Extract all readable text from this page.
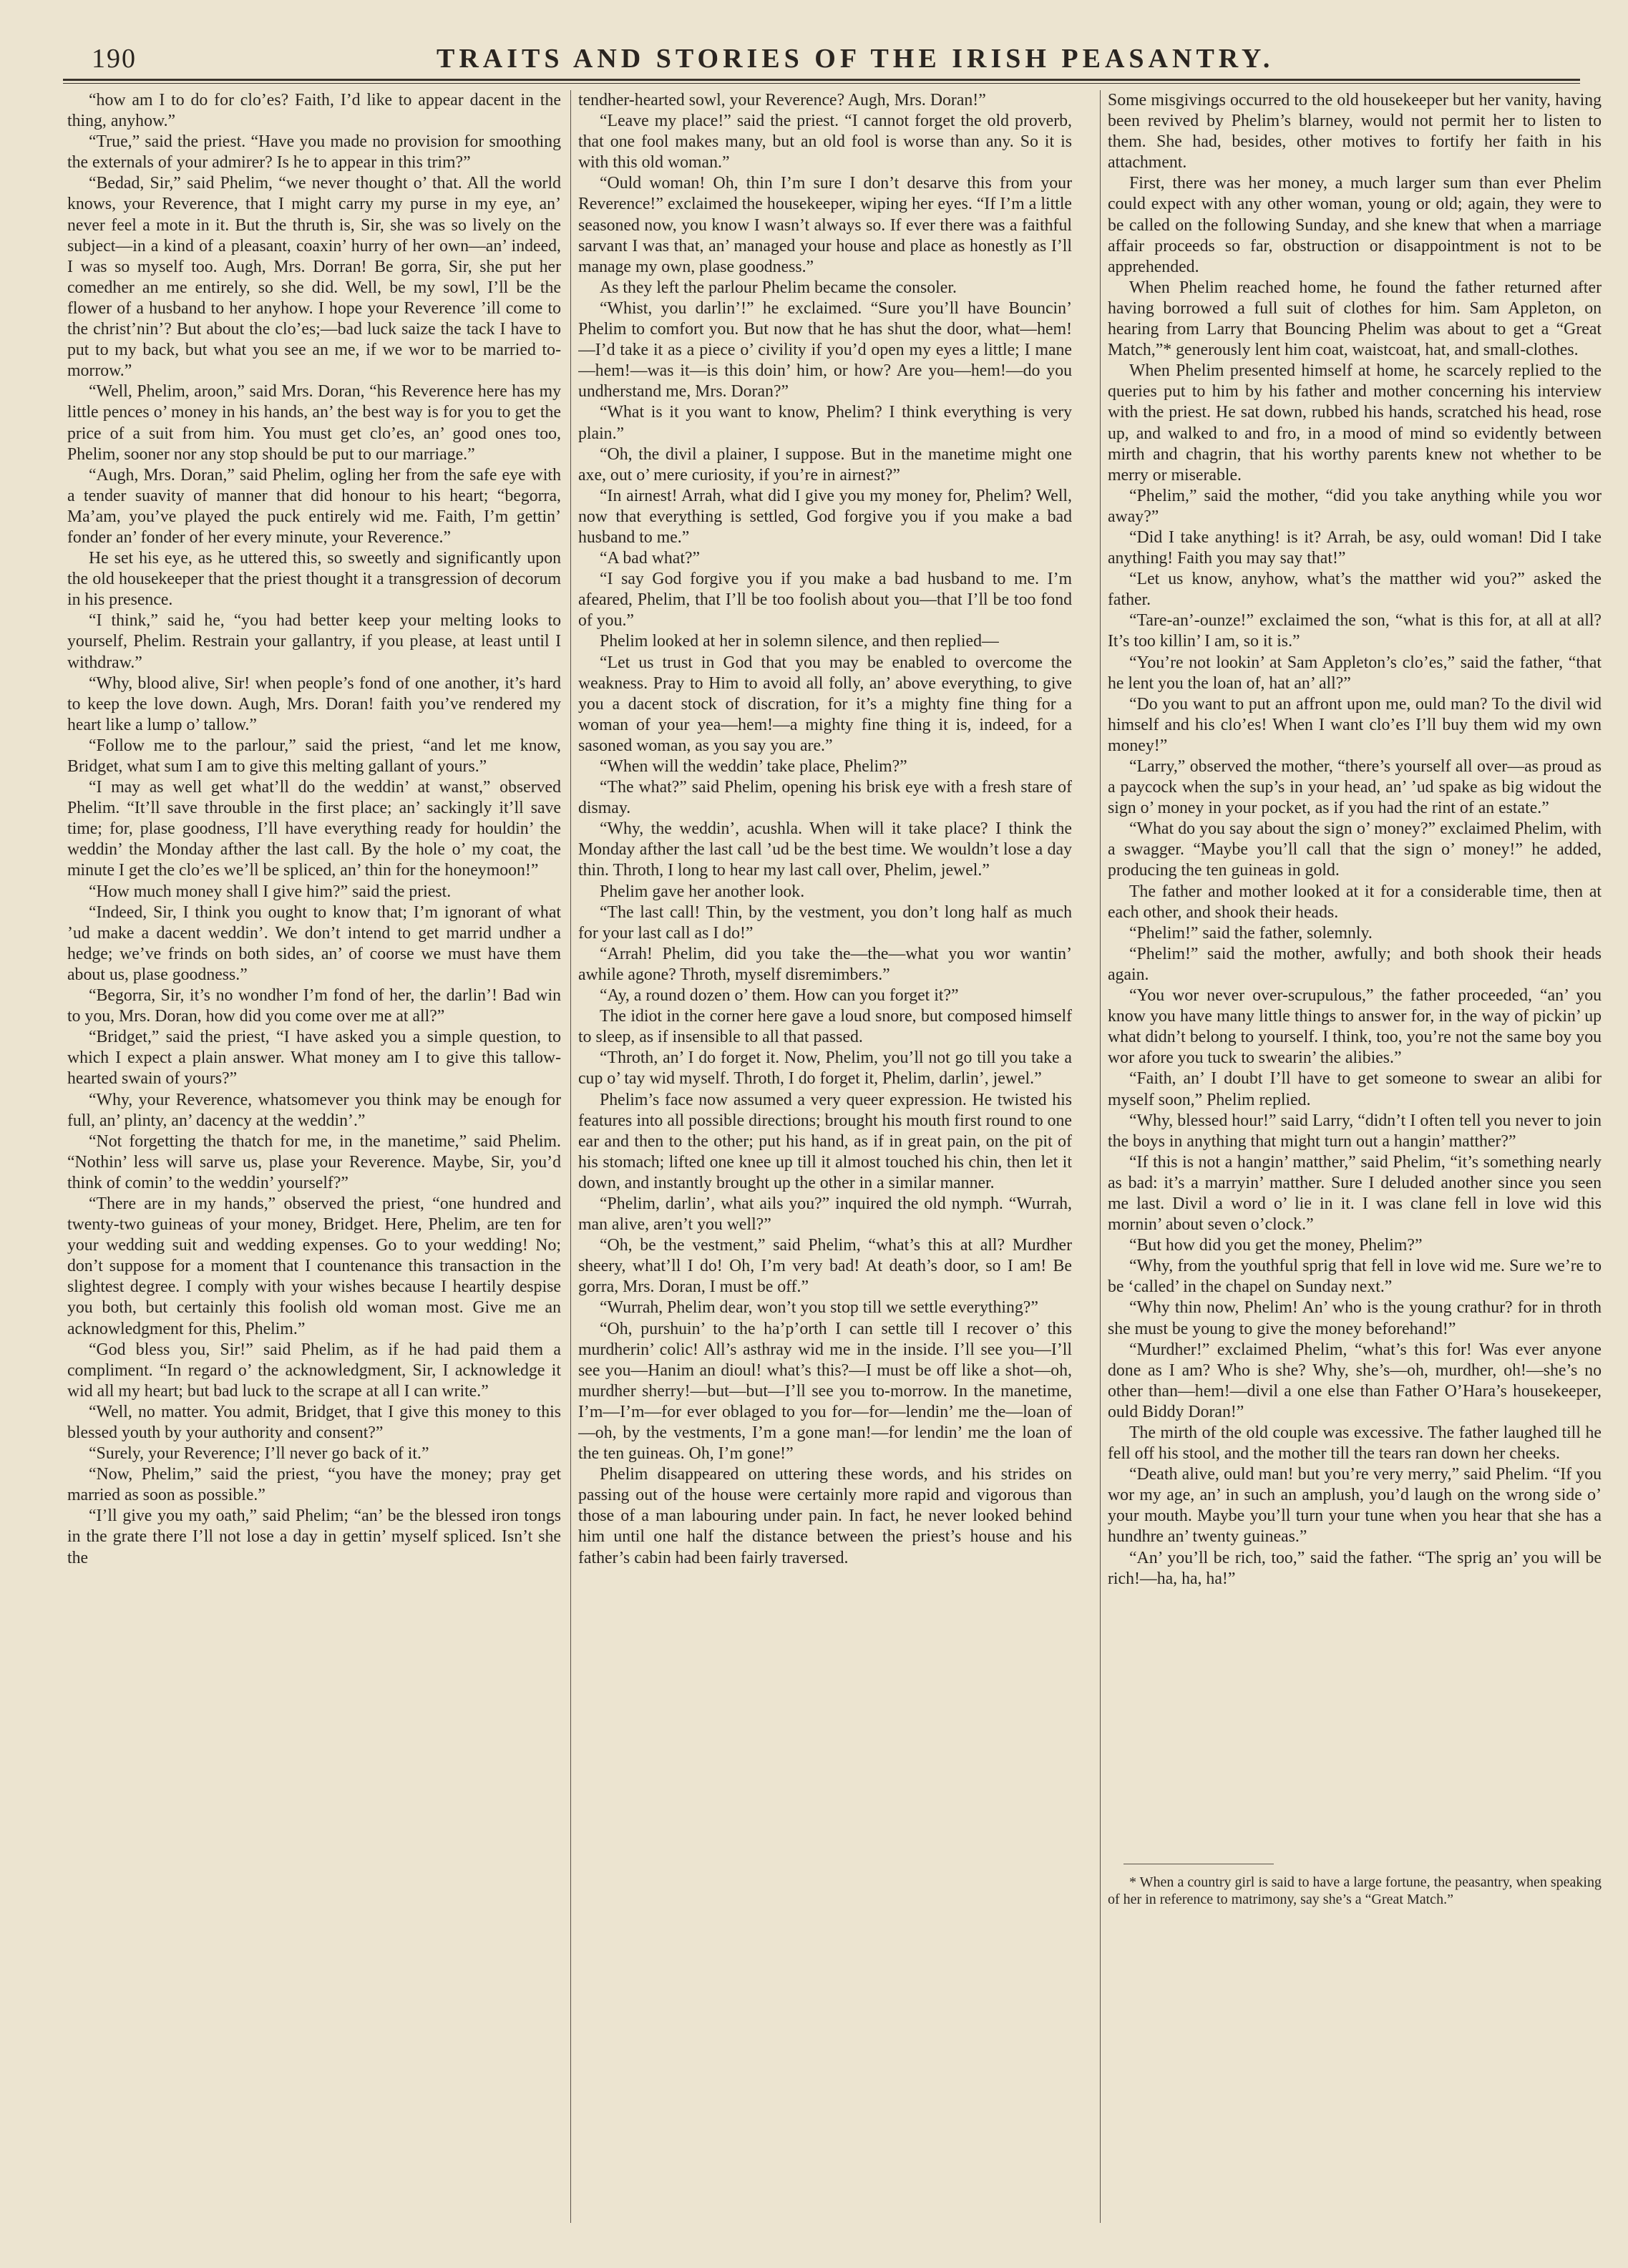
190	TRAITS AND STORIES OF THE IRISH PEASANTRY.

“how am I to do for clo’es? Faith, I’d like to appear dacent in the thing, anyhow.”

“True,” said the priest. “Have you made no provision for smoothing the externals of your admirer? Is he to appear in this trim?”

“Bedad, Sir,” said Phelim, “we never thought o’ that. All the world knows, your Reverence, that I might carry my purse in my eye, an’ never feel a mote in it. But the thruth is, Sir, she was so lively on the subject—in a kind of a pleasant, coaxin’ hurry of her own—an’ indeed, I was so myself too. Augh, Mrs. Dorran! Be gorra, Sir, she put her comedher an me entirely, so she did. Well, be my sowl, I’ll be the flower of a husband to her anyhow. I hope your Reverence ’ill come to the christ’nin’? But about the clo’es;—bad luck saize the tack I have to put to my back, but what you see an me, if we wor to be married to-morrow.”

“Well, Phelim, aroon,” said Mrs. Doran, “his Reverence here has my little pences o’ money in his hands, an’ the best way is for you to get the price of a suit from him. You must get clo’es, an’ good ones too, Phelim, sooner nor any stop should be put to our marriage.”

“Augh, Mrs. Doran,” said Phelim, ogling her from the safe eye with a tender suavity of manner that did honour to his heart; “begorra, Ma’am, you’ve played the puck entirely wid me. Faith, I’m gettin’ fonder an’ fonder of her every minute, your Reverence.”

He set his eye, as he uttered this, so sweetly and significantly upon the old housekeeper that the priest thought it a transgression of decorum in his presence.

“I think,” said he, “you had better keep your melting looks to yourself, Phelim. Restrain your gallantry, if you please, at least until I withdraw.”

“Why, blood alive, Sir! when people’s fond of one another, it’s hard to keep the love down. Augh, Mrs. Doran! faith you’ve rendered my heart like a lump o’ tallow.”

“Follow me to the parlour,” said the priest, “and let me know, Bridget, what sum I am to give this melting gallant of yours.”

“I may as well get what’ll do the weddin’ at wanst,” observed Phelim. “It’ll save throuble in the first place; an’ sackingly it’ll save time; for, plase goodness, I’ll have everything ready for houldin’ the weddin’ the Monday afther the last call. By the hole o’ my coat, the minute I get the clo’es we’ll be spliced, an’ thin for the honeymoon!”

“How much money shall I give him?” said the priest.

“Indeed, Sir, I think you ought to know that; I’m ignorant of what ’ud make a dacent weddin’. We don’t intend to get marrid undher a hedge; we’ve frinds on both sides, an’ of coorse we must have them about us, plase goodness.”

“Begorra, Sir, it’s no wondher I’m fond of her, the darlin’! Bad win to you, Mrs. Doran, how did you come over me at all?”

“Bridget,” said the priest, “I have asked you a simple question, to which I expect a plain answer. What money am I to give this tallow-hearted swain of yours?”

“Why, your Reverence, whatsomever you think may be enough for full, an’ plinty, an’ dacency at the weddin’.”

“Not forgetting the thatch for me, in the manetime,” said Phelim. “Nothin’ less will sarve us, plase your Reverence. Maybe, Sir, you’d think of comin’ to the weddin’ yourself?”

“There are in my hands,” observed the priest, “one hundred and twenty-two guineas of your money, Bridget. Here, Phelim, are ten for your wedding suit and wedding expenses. Go to your wedding! No; don’t suppose for a moment that I countenance this transaction in the slightest degree. I comply with your wishes because I heartily despise you both, but certainly this foolish old woman most. Give me an acknowledgment for this, Phelim.”

“God bless you, Sir!” said Phelim, as if he had paid them a compliment. “In regard o’ the acknowledgment, Sir, I acknowledge it wid all my heart; but bad luck to the scrape at all I can write.”

“Well, no matter. You admit, Bridget, that I give this money to this blessed youth by your authority and consent?”

“Surely, your Reverence; I’ll never go back of it.”

“Now, Phelim,” said the priest, “you have the money; pray get married as soon as possible.”

“I’ll give you my oath,” said Phelim; “an’ be the blessed iron tongs in the grate there I’ll not lose a day in gettin’ myself spliced. Isn’t she the

tendher-hearted sowl, your Reverence? Augh, Mrs. Doran!”

“Leave my place!” said the priest. “I cannot forget the old proverb, that one fool makes many, but an old fool is worse than any. So it is with this old woman.”

“Ould woman! Oh, thin I’m sure I don’t desarve this from your Reverence!” exclaimed the housekeeper, wiping her eyes. “If I’m a little seasoned now, you know I wasn’t always so. If ever there was a faithful sarvant I was that, an’ managed your house and place as honestly as I’ll manage my own, plase goodness.”

As they left the parlour Phelim became the consoler.

“Whist, you darlin’!” he exclaimed. “Sure you’ll have Bouncin’ Phelim to comfort you. But now that he has shut the door, what—hem!—I’d take it as a piece o’ civility if you’d open my eyes a little; I mane—hem!—was it—is this doin’ him, or how? Are you—hem!—do you undherstand me, Mrs. Doran?”

“What is it you want to know, Phelim? I think everything is very plain.”

“Oh, the divil a plainer, I suppose. But in the manetime might one axe, out o’ mere curiosity, if you’re in airnest?”

“In airnest! Arrah, what did I give you my money for, Phelim? Well, now that everything is settled, God forgive you if you make a bad husband to me.”

“A bad what?”

“I say God forgive you if you make a bad husband to me. I’m afeared, Phelim, that I’ll be too foolish about you—that I’ll be too fond of you.”

Phelim looked at her in solemn silence, and then replied—

“Let us trust in God that you may be enabled to overcome the weakness. Pray to Him to avoid all folly, an’ above everything, to give you a dacent stock of discration, for it’s a mighty fine thing for a woman of your yea—hem!—a mighty fine thing it is, indeed, for a sasoned woman, as you say you are.”

“When will the weddin’ take place, Phelim?”

“The what?” said Phelim, opening his brisk eye with a fresh stare of dismay.

“Why, the weddin’, acushla. When will it take place? I think the Monday afther the last call ’ud be the best time. We wouldn’t lose a day thin. Throth, I long to hear my last call over, Phelim, jewel.”

Phelim gave her another look.

“The last call! Thin, by the vestment, you don’t long half as much for your last call as I do!”

“Arrah! Phelim, did you take the—the—what you wor wantin’ awhile agone? Throth, myself disremimbers.”

“Ay, a round dozen o’ them. How can you forget it?”

The idiot in the corner here gave a loud snore, but composed himself to sleep, as if insensible to all that passed.

“Throth, an’ I do forget it. Now, Phelim, you’ll not go till you take a cup o’ tay wid myself. Throth, I do forget it, Phelim, darlin’, jewel.”

Phelim’s face now assumed a very queer expression. He twisted his features into all possible directions; brought his mouth first round to one ear and then to the other; put his hand, as if in great pain, on the pit of his stomach; lifted one knee up till it almost touched his chin, then let it down, and instantly brought up the other in a similar manner.

“Phelim, darlin’, what ails you?” inquired the old nymph. “Wurrah, man alive, aren’t you well?”

“Oh, be the vestment,” said Phelim, “what’s this at all? Murdher sheery, what’ll I do! Oh, I’m very bad! At death’s door, so I am! Be gorra, Mrs. Doran, I must be off.”

“Wurrah, Phelim dear, won’t you stop till we settle everything?”

“Oh, purshuin’ to the ha’p’orth I can settle till I recover o’ this murdherin’ colic! All’s asthray wid me in the inside. I’ll see you—I’ll see you—Hanim an dioul! what’s this?—I must be off like a shot—oh, murdher sherry!—but—but—I’ll see you to-morrow. In the manetime, I’m—I’m—for ever oblaged to you for—for—lendin’ me the—loan of—oh, by the vestments, I’m a gone man!—for lendin’ me the loan of the ten guineas. Oh, I’m gone!”

Phelim disappeared on uttering these words, and his strides on passing out of the house were certainly more rapid and vigorous than those of a man labouring under pain. In fact, he never looked behind him until one half the distance between the priest’s house and his father’s cabin had been fairly traversed.

Some misgivings occurred to the old housekeeper but her vanity, having been revived by Phelim’s blarney, would not permit her to listen to them. She had, besides, other motives to fortify her faith in his attachment.

First, there was her money, a much larger sum than ever Phelim could expect with any other woman, young or old; again, they were to be called on the following Sunday, and she knew that when a marriage affair proceeds so far, obstruction or disappointment is not to be apprehended.

When Phelim reached home, he found the father returned after having borrowed a full suit of clothes for him. Sam Appleton, on hearing from Larry that Bouncing Phelim was about to get a “Great Match,”* generously lent him coat, waistcoat, hat, and small-clothes.

When Phelim presented himself at home, he scarcely replied to the queries put to him by his father and mother concerning his interview with the priest. He sat down, rubbed his hands, scratched his head, rose up, and walked to and fro, in a mood of mind so evidently between mirth and chagrin, that his worthy parents knew not whether to be merry or miserable.

“Phelim,” said the mother, “did you take anything while you wor away?”

“Did I take anything! is it? Arrah, be asy, ould woman! Did I take anything! Faith you may say that!”

“Let us know, anyhow, what’s the matther wid you?” asked the father.

“Tare-an’-ounze!” exclaimed the son, “what is this for, at all at all? It’s too killin’ I am, so it is.”

“You’re not lookin’ at Sam Appleton’s clo’es,” said the father, “that he lent you the loan of, hat an’ all?”

“Do you want to put an affront upon me, ould man? To the divil wid himself and his clo’es! When I want clo’es I’ll buy them wid my own money!”

“Larry,” observed the mother, “there’s yourself all over—as proud as a paycock when the sup’s in your head, an’ ’ud spake as big widout the sign o’ money in your pocket, as if you had the rint of an estate.”

“What do you say about the sign o’ money?” exclaimed Phelim, with a swagger. “Maybe you’ll call that the sign o’ money!” he added, producing the ten guineas in gold.

The father and mother looked at it for a considerable time, then at each other, and shook their heads.

“Phelim!” said the father, solemnly.

“Phelim!” said the mother, awfully; and both shook their heads again.

“You wor never over-scrupulous,” the father proceeded, “an’ you know you have many little things to answer for, in the way of pickin’ up what didn’t belong to yourself. I think, too, you’re not the same boy you wor afore you tuck to swearin’ the alibies.”

“Faith, an’ I doubt I’ll have to get someone to swear an alibi for myself soon,” Phelim replied.

“Why, blessed hour!” said Larry, “didn’t I often tell you never to join the boys in anything that might turn out a hangin’ matther?”

“If this is not a hangin’ matther,” said Phelim, “it’s something nearly as bad: it’s a marryin’ matther. Sure I deluded another since you seen me last. Divil a word o’ lie in it. I was clane fell in love wid this mornin’ about seven o’clock.”

“But how did you get the money, Phelim?”

“Why, from the youthful sprig that fell in love wid me. Sure we’re to be ‘called’ in the chapel on Sunday next.”

“Why thin now, Phelim! An’ who is the young crathur? for in throth she must be young to give the money beforehand!”

“Murdher!” exclaimed Phelim, “what’s this for! Was ever anyone done as I am? Who is she? Why, she’s—oh, murdher, oh!—she’s no other than—hem!—divil a one else than Father O’Hara’s housekeeper, ould Biddy Doran!”

The mirth of the old couple was excessive. The father laughed till he fell off his stool, and the mother till the tears ran down her cheeks.

“Death alive, ould man! but you’re very merry,” said Phelim. “If you wor my age, an’ in such an amplush, you’d laugh on the wrong side o’ your mouth. Maybe you’ll turn your tune when you hear that she has a hundhre an’ twenty guineas.”

“An’ you’ll be rich, too,” said the father. “The sprig an’ you will be rich!—ha, ha, ha!”

* When a country girl is said to have a large fortune, the peasantry, when speaking of her in reference to matrimony, say she’s a “Great Match.”
